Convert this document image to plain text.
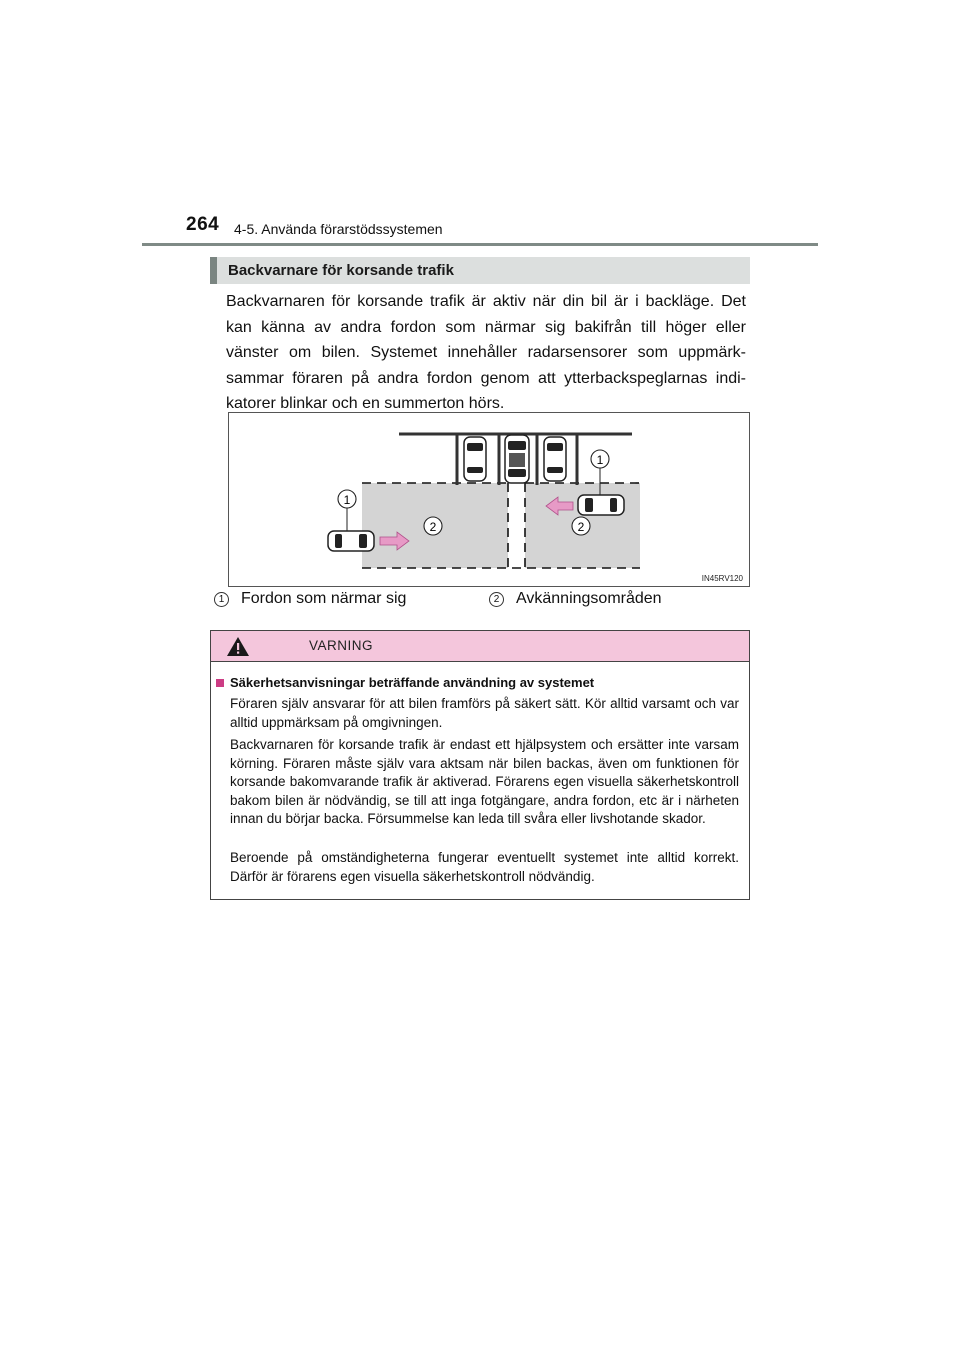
264 4-5. Använda förarstödssystemen
Backvarnare för korsande trafik

Backvarnaren för korsande trafik är aktiv när din bil är i backläge. Det kan känna av andra fordon som närmar sig bakifrån till höger eller vänster om bilen. Systemet innehåller radarsensorer som uppmärksammar föraren på andra fordon genom att ytterbackspeglarnas indikatorer blinkar och en summerton hörs.

1
2
1
2
IN45RV120
1 Fordon som närmar sig	2 Avkänningsområden
VARNING
Säkerhetsanvisningar beträffande användning av systemet

Föraren själv ansvarar för att bilen framförs på säkert sätt. Kör alltid varsamt och var alltid uppmärksam på omgivningen.

Backvarnaren för korsande trafik är endast ett hjälpsystem och ersätter inte varsam körning. Föraren måste själv vara aktsam när bilen backas, även om funktionen för korsande bakomvarande trafik är aktiverad. Förarens egen visuella säkerhetskontroll bakom bilen är nödvändig, se till att inga fotgängare, andra fordon, etc är i närheten innan du börjar backa. Försummelse kan leda till svåra eller livshotande skador.

Beroende på omständigheterna fungerar eventuellt systemet inte alltid korrekt. Därför är förarens egen visuella säkerhetskontroll nödvändig.
